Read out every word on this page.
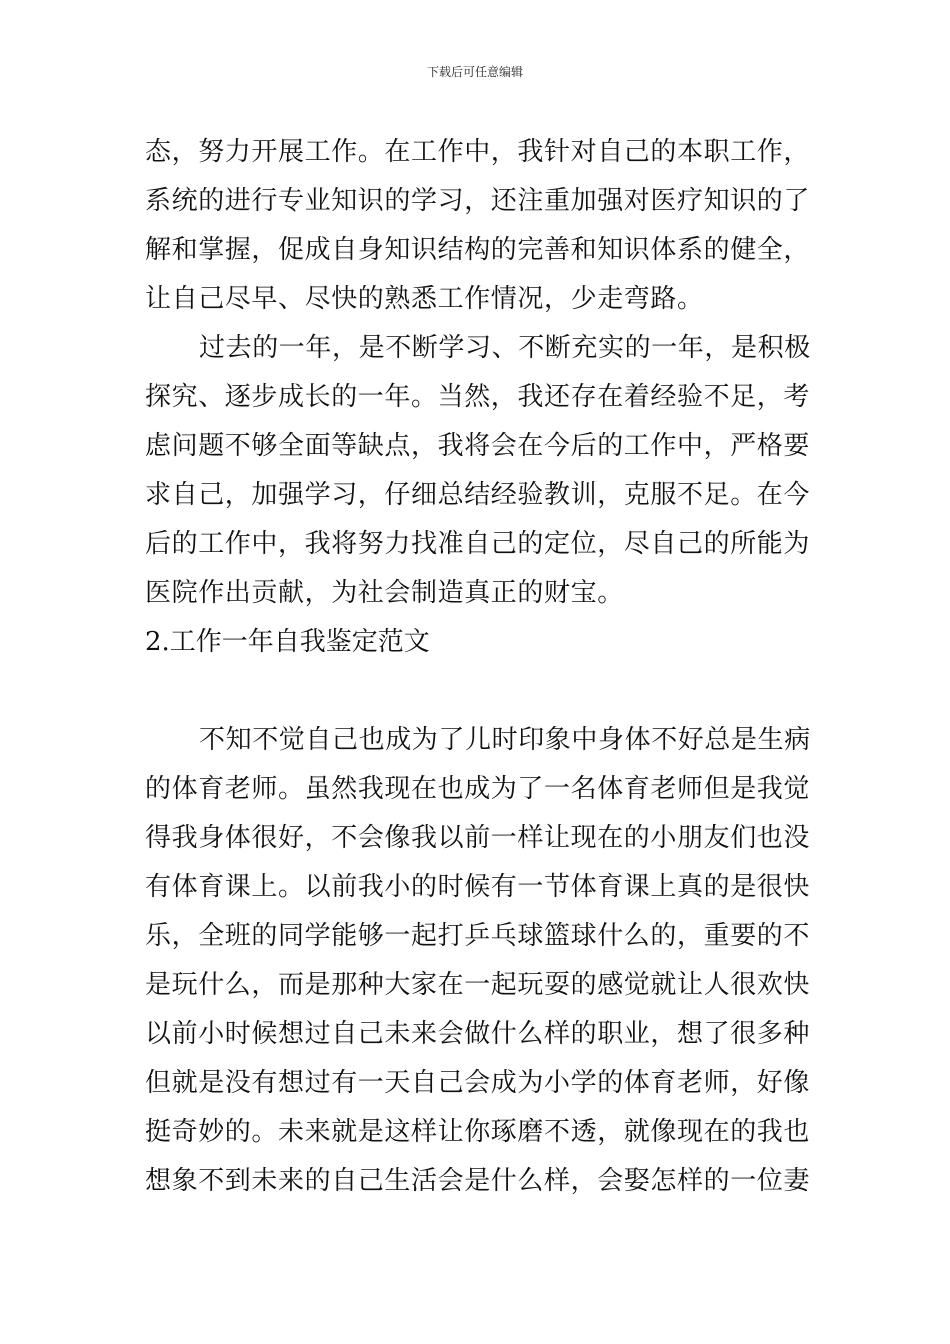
下载后可任意编辑
态，努力开展工作。在工作中，我针对自己的本职工作，
系统的进行专业知识的学习，还注重加强对医疗知识的了
解和掌握，促成自身知识结构的完善和知识体系的健全，
让自己尽早、尽快的熟悉工作情况，少走弯路。
过去的一年，是不断学习、不断充实的一年，是积极
探究、逐步成长的一年。当然，我还存在着经验不足，考
虑问题不够全面等缺点，我将会在今后的工作中，严格要
求自己，加强学习，仔细总结经验教训，克服不足。在今
后的工作中，我将努力找准自己的定位，尽自己的所能为
医院作出贡献，为社会制造真正的财宝。
2.工作一年自我鉴定范文
不知不觉自己也成为了儿时印象中身体不好总是生病
的体育老师。虽然我现在也成为了一名体育老师但是我觉
得我身体很好，不会像我以前一样让现在的小朋友们也没
有体育课上。以前我小的时候有一节体育课上真的是很快
乐，全班的同学能够一起打乒乓球篮球什么的，重要的不
是玩什么，而是那种大家在一起玩耍的感觉就让人很欢快
以前小时候想过自己未来会做什么样的职业，想了很多种
但就是没有想过有一天自己会成为小学的体育老师，好像
挺奇妙的。未来就是这样让你琢磨不透，就像现在的我也
想象不到未来的自己生活会是什么样，会娶怎样的一位妻
